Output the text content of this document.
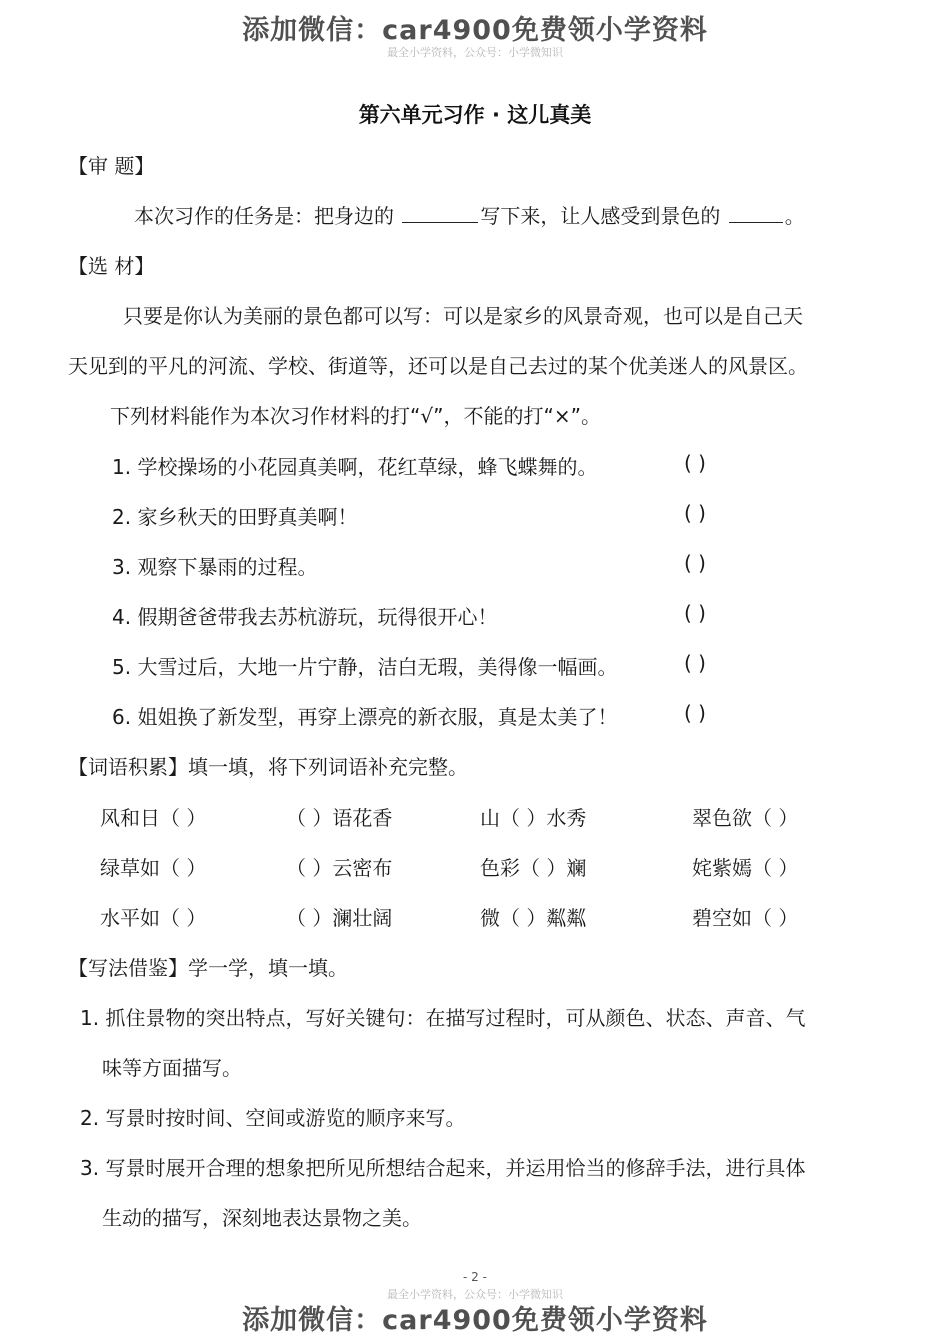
添加微信：car4900免费领小学资料
最全小学资料，公众号：小学微知识
第六单元习作 · 这儿真美
【审 题】
本次习作的任务是：把身边的	写下来，让人感受到景色的	。
【选 材】
只要是你认为美丽的景色都可以写：可以是家乡的风景奇观，也可以是自己天
天见到的平凡的河流、学校、街道等，还可以是自己去过的某个优美迷人的风景区。
下列材料能作为本次习作材料的打“√”，不能的打“×”。
1. 学校操场的小花园真美啊，花红草绿，蜂飞蝶舞的。	( )
2. 家乡秋天的田野真美啊！	( )
3. 观察下暴雨的过程。	( )
4. 假期爸爸带我去苏杭游玩，玩得很开心！	( )
5. 大雪过后，大地一片宁静，洁白无瑕，美得像一幅画。	( )
6. 姐姐换了新发型，再穿上漂亮的新衣服，真是太美了！	( )
【词语积累】填一填，将下列词语补充完整。
风和日（ ）	（ ）语花香	山（ ）水秀	翠色欲（ ）
绿草如（ ）	（ ）云密布	色彩（ ）斓	姹紫嫣（ ）
水平如（ ）	（ ）澜壮阔	微（ ）粼粼	碧空如（ ）
【写法借鉴】学一学，填一填。
1. 抓住景物的突出特点，写好关键句：在描写过程时，可从颜色、状态、声音、气
味等方面描写。
2. 写景时按时间、空间或游览的顺序来写。
3. 写景时展开合理的想象把所见所想结合起来，并运用恰当的修辞手法，进行具体
生动的描写，深刻地表达景物之美。
- 2 -
最全小学资料，公众号：小学微知识
添加微信：car4900免费领小学资料
